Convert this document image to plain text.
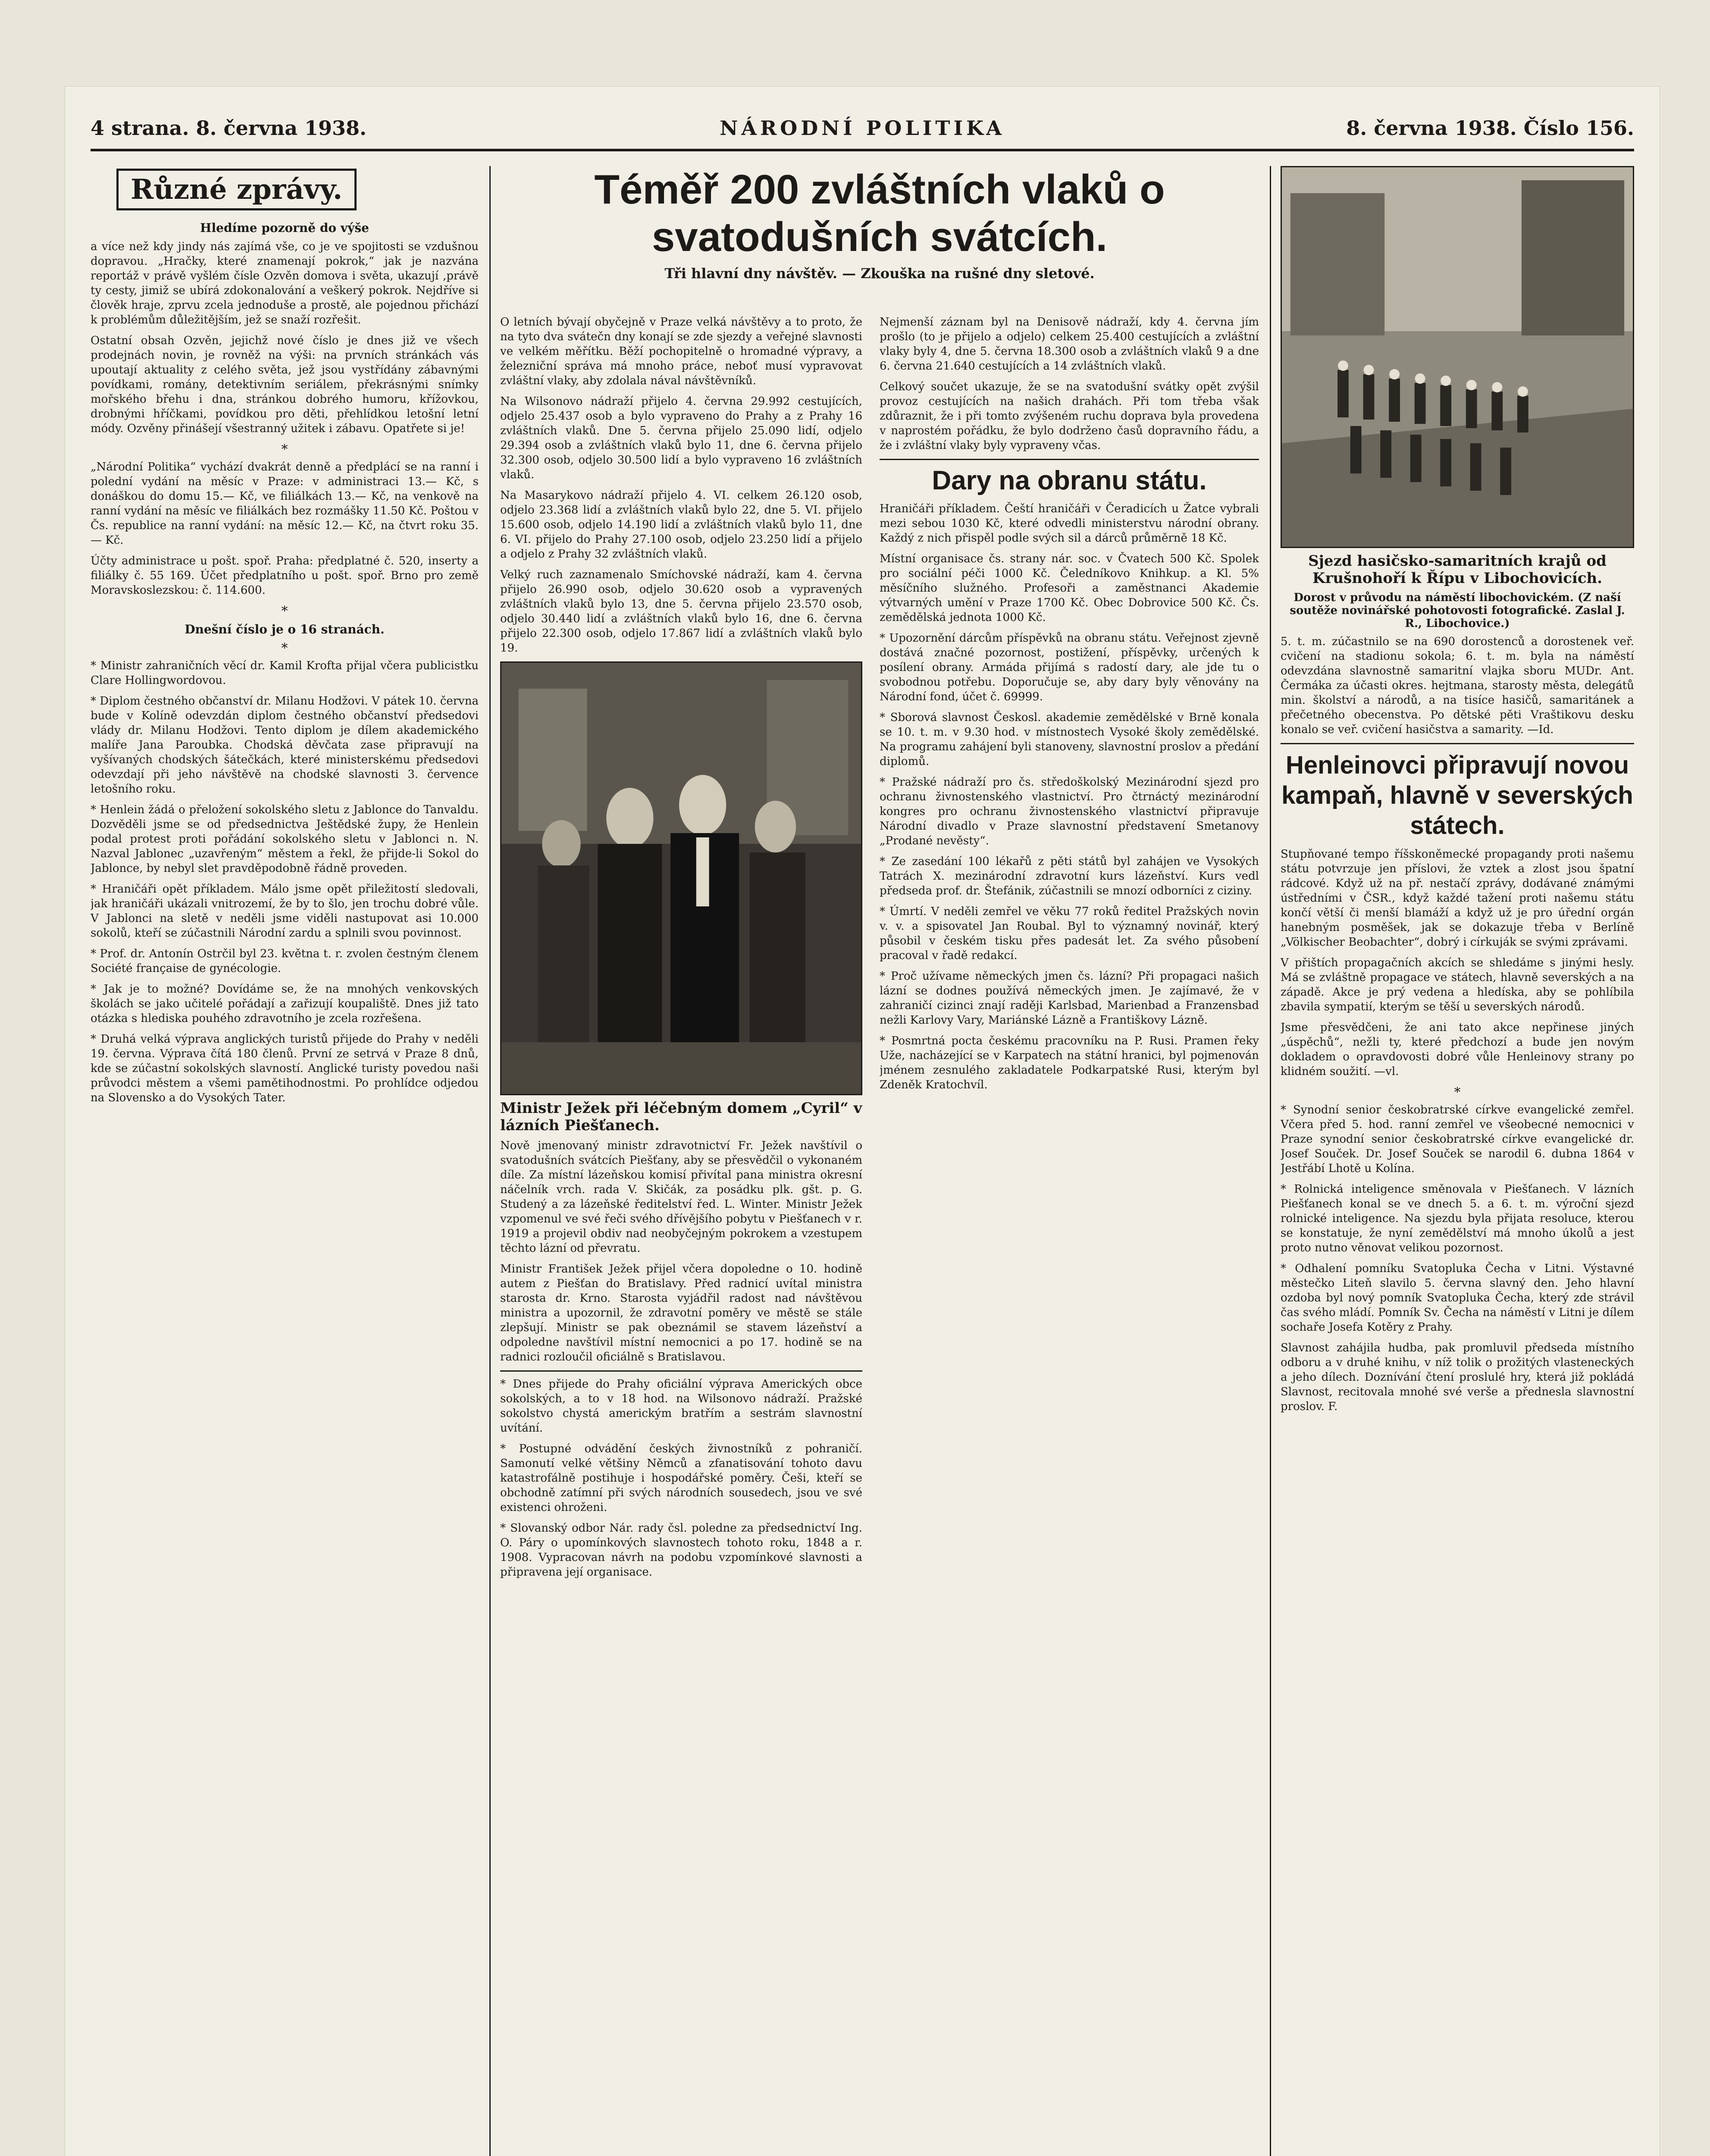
4 strana. 8. června 1938.	NÁRODNÍ POLITIKA	8. června 1938. Číslo 156.
Různé zprávy.
Hledíme pozorně do výše

a více než kdy jindy nás zajímá vše, co je ve spojitosti se vzdušnou dopravou. „Hračky, které znamenají pokrok,“ jak je nazvána reportáž v právě vyšlém čísle Ozvěn domova i světa, ukazují ,právě ty cesty, jimiž se ubírá zdokonalování a veškerý pokrok. Nejdříve si člověk hraje, zprvu zcela jednoduše a prostě, ale pojednou přichází k problémům důležitějším, jež se snaží rozřešit.

Ostatní obsah Ozvěn, jejichž nové číslo je dnes již ve všech prodejnách novin, je rovněž na výši: na prvních stránkách vás upoutají aktuality z celého světa, jež jsou vystřídány zábavnými povídkami, romány, detektivním seriálem, překrásnými snímky mořského břehu i dna, stránkou dobrého humoru, křížovkou, drobnými hříčkami, povídkou pro děti, přehlídkou letošní letní módy. Ozvěny přinášejí všestranný užitek i zábavu. Opatřete si je!

*

„Národní Politika“ vychází dvakrát denně a předplácí se na ranní i polední vydání na měsíc v Praze: v administraci 13.— Kč, s donáškou do domu 15.— Kč, ve filiálkách 13.— Kč, na venkově na ranní vydání na měsíc ve filiálkách bez rozmášky 11.50 Kč. Poštou v Čs. republice na ranní vydání: na měsíc 12.— Kč, na čtvrt roku 35.— Kč.

Účty administrace u pošt. spoř. Praha: předplatné č. 520, inserty a filiálky č. 55 169. Účet předplatního u pošt. spoř. Brno pro země Moravskoslezskou: č. 114.600.

*
Dnešní číslo je o 16 stranách.
*

* Ministr zahraničních věcí dr. Kamil Krofta přijal včera publicistku Clare Hollingwordovou.

* Diplom čestného občanství dr. Milanu Hodžovi. V pátek 10. června bude v Kolíně odevzdán diplom čestného občanství předsedovi vlády dr. Milanu Hodžovi. Tento diplom je dílem akademického malíře Jana Paroubka. Chodská děvčata zase připravují na vyšívaných chodských šátečkách, které ministerskému předsedovi odevzdají při jeho návštěvě na chodské slavnosti 3. července letošního roku.

* Henlein žádá o přeložení sokolského sletu z Jablonce do Tanvaldu. Dozvěděli jsme se od předsednictva Ještědské župy, že Henlein podal protest proti pořádání sokolského sletu v Jablonci n. N. Nazval Jablonec „uzavřeným“ městem a řekl, že přijde-li Sokol do Jablonce, by nebyl slet pravděpodobně řádně proveden.

* Hraničáři opět příkladem. Málo jsme opět přiležitostí sledovali, jak hraničáři ukázali vnitrozemí, že by to šlo, jen trochu dobré vůle. V Jablonci na sletě v neděli jsme viděli nastupovat asi 10.000 sokolů, kteří se zúčastnili Národní zardu a splnili svou povinnost.

* Prof. dr. Antonín Ostrčil byl 23. května t. r. zvolen čestným členem Société française de gynécologie.

* Jak je to možné? Dovídáme se, že na mnohých venkovských školách se jako učitelé pořádají a zařizují koupaliště. Dnes již tato otázka s hlediska pouhého zdravotního je zcela rozřešena.

* Druhá velká výprava anglických turistů přijede do Prahy v neděli 19. června. Výprava čítá 180 členů. První ze setrvá v Praze 8 dnů, kde se zúčastní sokolských slavností. Anglické turisty povedou naši průvodci městem a všemi pamětihodnostmi. Po prohlídce odjedou na Slovensko a do Vysokých Tater.

Téměř 200 zvláštních vlaků o svatodušních svátcích.
Tři hlavní dny návštěv. — Zkouška na rušné dny sletové.

O letních bývají obyčejně v Praze velká návštěvy a to proto, že na tyto dva svátečn dny konají se zde sjezdy a veřejné slavnosti ve velkém měřítku. Běží pochopitelně o hromadné výpravy, a železniční správa má mnoho práce, neboť musí vypravovat zvláštní vlaky, aby zdolala nával návštěvníků.

Na Wilsonovo nádraží přijelo 4. června 29.992 cestujících, odjelo 25.437 osob a bylo vypraveno do Prahy a z Prahy 16 zvláštních vlaků. Dne 5. června přijelo 25.090 lidí, odjelo 29.394 osob a zvláštních vlaků bylo 11, dne 6. června přijelo 32.300 osob, odjelo 30.500 lidí a bylo vypraveno 16 zvláštních vlaků.

Na Masarykovo nádraží přijelo 4. VI. celkem 26.120 osob, odjelo 23.368 lidí a zvláštních vlaků bylo 22, dne 5. VI. přijelo 15.600 osob, odjelo 14.190 lidí a zvláštních vlaků bylo 11, dne 6. VI. přijelo do Prahy 27.100 osob, odjelo 23.250 lidí a přijelo a odjelo z Prahy 32 zvláštních vlaků.

Velký ruch zaznamenalo Smíchovské nádraží, kam 4. června přijelo 26.990 osob, odjelo 30.620 osob a vypravených zvláštních vlaků bylo 13, dne 5. června přijelo 23.570 osob, odjelo 30.440 lidí a zvláštních vlaků bylo 16, dne 6. června přijelo 22.300 osob, odjelo 17.867 lidí a zvláštních vlaků bylo 19.

Ministr Ježek při léčebným domem „Cyril“ v lázních Piešťanech.

Nově jmenovaný ministr zdravotnictví Fr. Ježek navštívil o svatodušních svátcích Piešťany, aby se přesvědčil o vykonaném díle. Za místní lázeňskou komisí přivítal pana ministra okresní náčelník vrch. rada V. Skičák, za posádku plk. gšt. p. G. Studený a za lázeňské ředitelství řed. L. Winter. Ministr Ježek vzpomenul ve své řeči svého dřívějšího pobytu v Piešťanech v r. 1919 a projevil obdiv nad neobyčejným pokrokem a vzestupem těchto lázní od převratu.

Ministr František Ježek přijel včera dopoledne o 10. hodině autem z Piešťan do Bratislavy. Před radnicí uvítal ministra starosta dr. Krno. Starosta vyjádřil radost nad návštěvou ministra a upozornil, že zdravotní poměry ve městě se stále zlepšují. Ministr se pak obeznámil se stavem lázeňství a odpoledne navštívil místní nemocnici a po 17. hodině se na radnici rozloučil oficiálně s Bratislavou.

* Dnes přijede do Prahy oficiální výprava Amerických obce sokolských, a to v 18 hod. na Wilsonovo nádraží. Pražské sokolstvo chystá americkým bratřím a sestrám slavnostní uvítání.

* Postupné odvádění českých živnostníků z pohraničí. Samonutí velké většiny Němců a zfanatisování tohoto davu katastrofálně postihuje i hospodářské poměry. Češi, kteří se obchodně zatímní při svých národních sousedech, jsou ve své existenci ohroženi.

* Slovanský odbor Nár. rady čsl. poledne za předsednictví Ing. O. Páry o upomínkových slavnostech tohoto roku, 1848 a r. 1908. Vypracovan návrh na podobu vzpomínkové slavnosti a připravena její organisace.

Nejmenší záznam byl na Denisově nádraží, kdy 4. června jím prošlo (to je přijelo a odjelo) celkem 25.400 cestujících a zvláštní vlaky byly 4, dne 5. června 18.300 osob a zvláštních vlaků 9 a dne 6. června 21.640 cestujících a 14 zvláštních vlaků.

Celkový součet ukazuje, že se na svatodušní svátky opět zvýšil provoz cestujících na našich drahách. Při tom třeba však zdůraznit, že i při tomto zvýšeném ruchu doprava byla provedena v naprostém pořádku, že bylo dodrženo časů dopravního řádu, a že i zvláštní vlaky byly vypraveny včas.

Dary na obranu státu.

Hraničáři příkladem. Čeští hraničáři v Čeradicích u Žatce vybrali mezi sebou 1030 Kč, které odvedli ministerstvu národní obrany. Každý z nich přispěl podle svých sil a dárců průměrně 18 Kč.

Místní organisace čs. strany nár. soc. v Čvatech 500 Kč. Spolek pro sociální péči 1000 Kč. Čeledníkovo Knihkup. a Kl. 5% měsíčního služného. Profesoři a zaměstnanci Akademie výtvarných umění v Praze 1700 Kč. Obec Dobrovice 500 Kč. Čs. zemědělská jednota 1000 Kč.

* Upozornění dárcům příspěvků na obranu státu. Veřejnost zjevně dostává značné pozornost, postižení, příspěvky, určených k posílení obrany. Armáda přijímá s radostí dary, ale jde tu o svobodnou potřebu. Doporučuje se, aby dary byly věnovány na Národní fond, účet č. 69999.

* Sborová slavnost Českosl. akademie zemědělské v Brně konala se 10. t. m. v 9.30 hod. v místnostech Vysoké školy zemědělské. Na programu zahájení byli stanoveny, slavnostní proslov a předání diplomů.

* Pražské nádraží pro čs. středoškolský Mezinárodní sjezd pro ochranu živnostenského vlastnictví. Pro čtrnáctý mezinárodní kongres pro ochranu živnostenského vlastnictví připravuje Národní divadlo v Praze slavnostní představení Smetanovy „Prodané nevěsty“.

* Ze zasedání 100 lékařů z pěti států byl zahájen ve Vysokých Tatrách X. mezinárodní zdravotní kurs lázeňství. Kurs vedl předseda prof. dr. Štefánik, zúčastnili se mnozí odborníci z ciziny.

* Úmrtí. V neděli zemřel ve věku 77 roků ředitel Pražských novin v. v. a spisovatel Jan Roubal. Byl to významný novinář, který působil v českém tisku přes padesát let. Za svého působení pracoval v řadě redakcí.

* Proč užívame německých jmen čs. lázní? Při propagaci našich lázní se dodnes používá německých jmen. Je zajímavé, že v zahraničí cizinci znají raději Karlsbad, Marienbad a Franzensbad nežli Karlovy Vary, Mariánské Lázně a Františkovy Lázně.

* Posmrtná pocta českému pracovníku na P. Rusi. Pramen řeky Uže, nacházející se v Karpatech na státní hranici, byl pojmenován jménem zesnulého zakladatele Podkarpatské Rusi, kterým byl Zdeněk Kratochvíl.

Sjezd hasičsko-samaritních krajů od Krušnohoří k Řípu v Libochovicích.
Dorost v průvodu na náměstí libochovickém. (Z naší soutěže novinářské pohotovosti fotografické. Zaslal J. R., Libochovice.)

5. t. m. zúčastnilo se na 690 dorostenců a dorostenek veř. cvičení na stadionu sokola; 6. t. m. byla na náměstí odevzdána slavnostně samaritní vlajka sboru MUDr. Ant. Čermáka za účasti okres. hejtmana, starosty města, delegátů min. školství a národů, a na tisíce hasičů, samaritánek a přečetného obecenstva. Po dětské pěti Vraštikovu desku konalo se veř. cvičení hasičstva a samarity. —Id.

Henleinovci připravují novou kampaň, hlavně v severských státech.

Stupňované tempo říšskoněmecké propagandy proti našemu státu potvrzuje jen příslovi, že vztek a zlost jsou špatní rádcové. Když už na př. nestačí zprávy, dodávané známými ústředními v ČSR., když každé tažení proti našemu státu končí větší či menší blamáží a když už je pro úřední orgán hanebným posměšek, jak se dokazuje třeba v Berlíně „Völkischer Beobachter“, dobrý i církuják se svými zprávami.

V přištích propagačních akcích se shledáme s jinými hesly. Má se zvláštně propagace ve státech, hlavně severských a na západě. Akce je prý vedena a hledíska, aby se pohlíbila zbavila sympatií, kterým se těší u severských národů.

Jsme přesvědčeni, že ani tato akce nepřinese jiných „úspěchů“, nežli ty, které předchozí a bude jen novým dokladem o opravdovosti dobré vůle Henleinovy strany po klidném soužití. —vl.

*

* Synodní senior českobratrské církve evangelické zemřel. Včera před 5. hod. ranní zemřel ve všeobecné nemocnici v Praze synodní senior českobratrské církve evangelické dr. Josef Souček. Dr. Josef Souček se narodil 6. dubna 1864 v Jestřábí Lhotě u Kolína.

* Rolnická inteligence směnovala v Piešťanech. V lázních Piešťanech konal se ve dnech 5. a 6. t. m. výroční sjezd rolnické inteligence. Na sjezdu byla přijata resoluce, kterou se konstatuje, že nyní zemědělství má mnoho úkolů a jest proto nutno věnovat velikou pozornost.

* Odhalení pomníku Svatopluka Čecha v Litni. Výstavné městečko Liteň slavilo 5. června slavný den. Jeho hlavní ozdoba byl nový pomník Svatopluka Čecha, který zde strávil čas svého mládí. Pomník Sv. Čecha na náměstí v Litni je dílem sochaře Josefa Kotěry z Prahy.

Slavnost zahájila hudba, pak promluvil předseda místního odboru a v druhé knihu, v níž tolik o prožitých vlasteneckých a jeho dílech. Doznívání čtení proslulé hry, která již pokládá Slavnost, recitovala mnohé své verše a přednesla slavnostní proslov. F.
